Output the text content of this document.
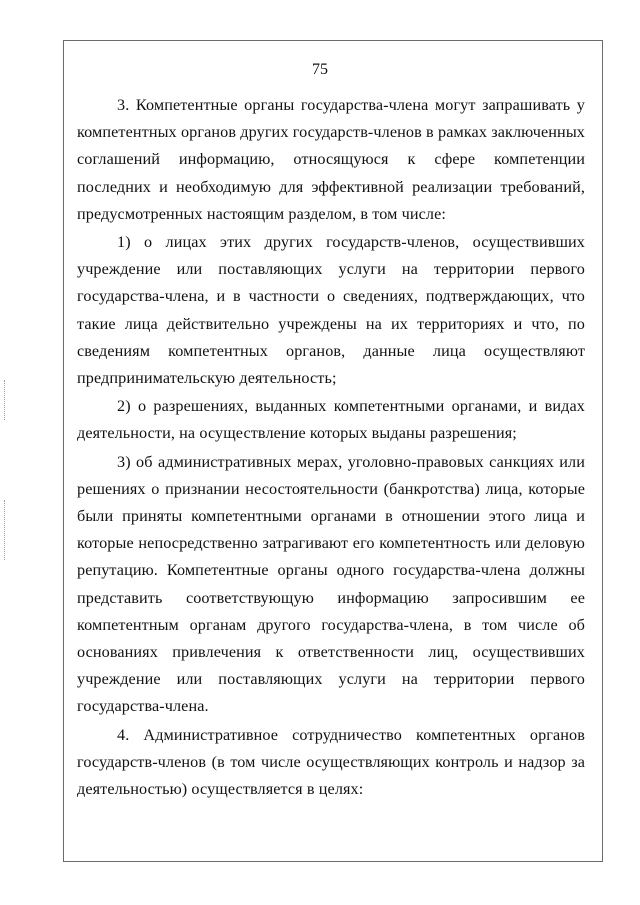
75

3. Компетентные органы государства-члена могут запрашивать у компетентных органов других государств-членов в рамках заключенных соглашений информацию, относящуюся к сфере компетенции последних и необходимую для эффективной реализации требований, предусмотренных настоящим разделом, в том числе:

1) о лицах этих других государств-членов, осуществивших учреждение или поставляющих услуги на территории первого государства-члена, и в частности о сведениях, подтверждающих, что такие лица действительно учреждены на их территориях и что, по сведениям компетентных органов, данные лица осуществляют предпринимательскую деятельность;

2) о разрешениях, выданных компетентными органами, и видах деятельности, на осуществление которых выданы разрешения;

3) об административных мерах, уголовно-правовых санкциях или решениях о признании несостоятельности (банкротства) лица, которые были приняты компетентными органами в отношении этого лица и которые непосредственно затрагивают его компетентность или деловую репутацию. Компетентные органы одного государства-члена должны представить соответствующую информацию запросившим ее компетентным органам другого государства-члена, в том числе об основаниях привлечения к ответственности лиц, осуществивших учреждение или поставляющих услуги на территории первого государства-члена.

4. Административное сотрудничество компетентных органов государств-членов (в том числе осуществляющих контроль и надзор за деятельностью) осуществляется в целях:
